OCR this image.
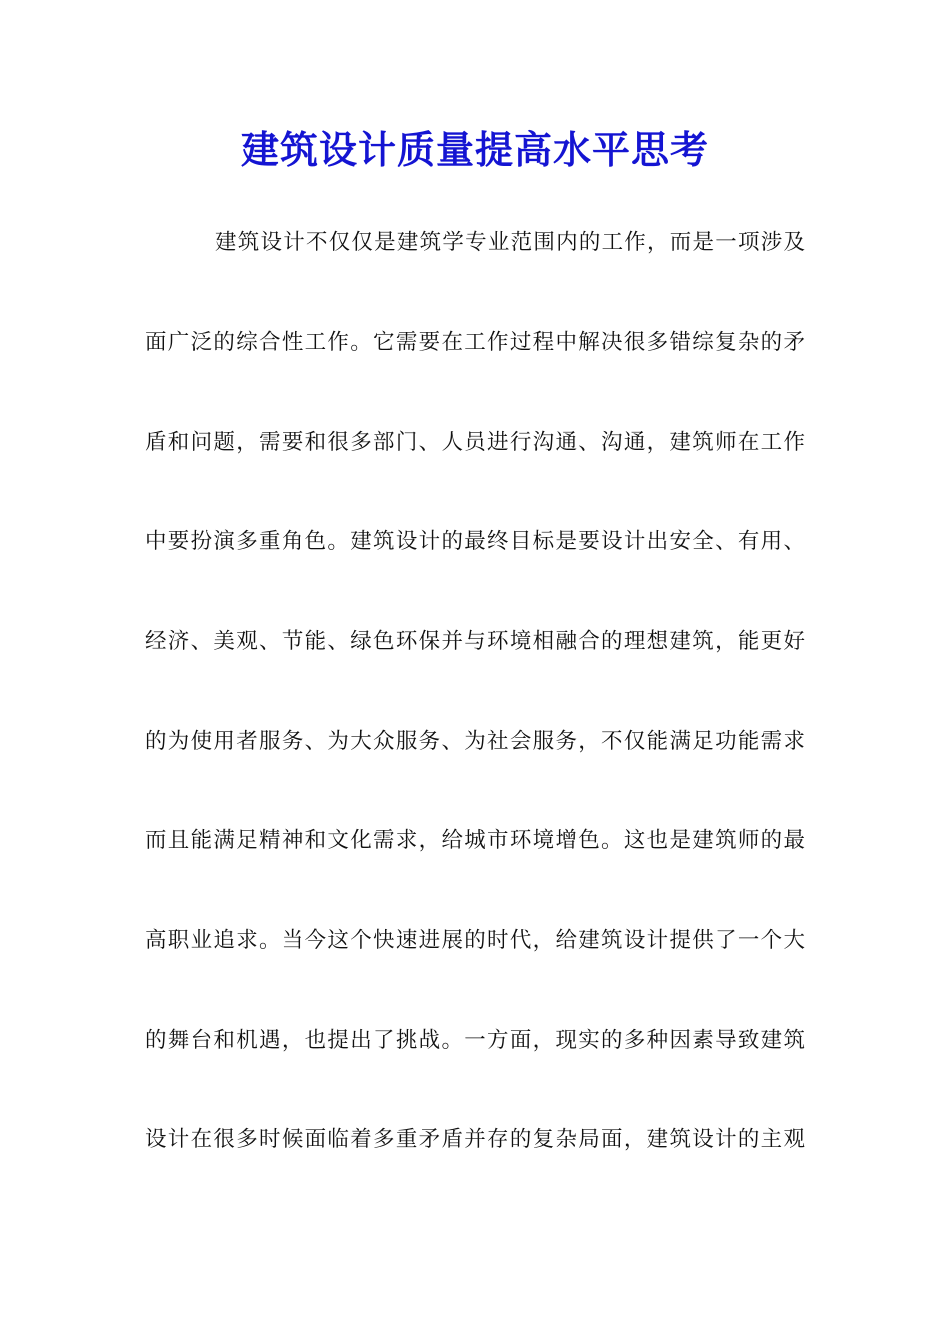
建筑设计质量提高水平思考
建筑设计不仅仅是建筑学专业范围内的工作，而是一项涉及
面广泛的综合性工作。它需要在工作过程中解决很多错综复杂的矛
盾和问题，需要和很多部门、人员进行沟通、沟通，建筑师在工作
中要扮演多重角色。建筑设计的最终目标是要设计出安全、有用、
经济、美观、节能、绿色环保并与环境相融合的理想建筑，能更好
的为使用者服务、为大众服务、为社会服务，不仅能满足功能需求
而且能满足精神和文化需求，给城市环境增色。这也是建筑师的最
高职业追求。当今这个快速进展的时代，给建筑设计提供了一个大
的舞台和机遇，也提出了挑战。一方面，现实的多种因素导致建筑
设计在很多时候面临着多重矛盾并存的复杂局面，建筑设计的主观
